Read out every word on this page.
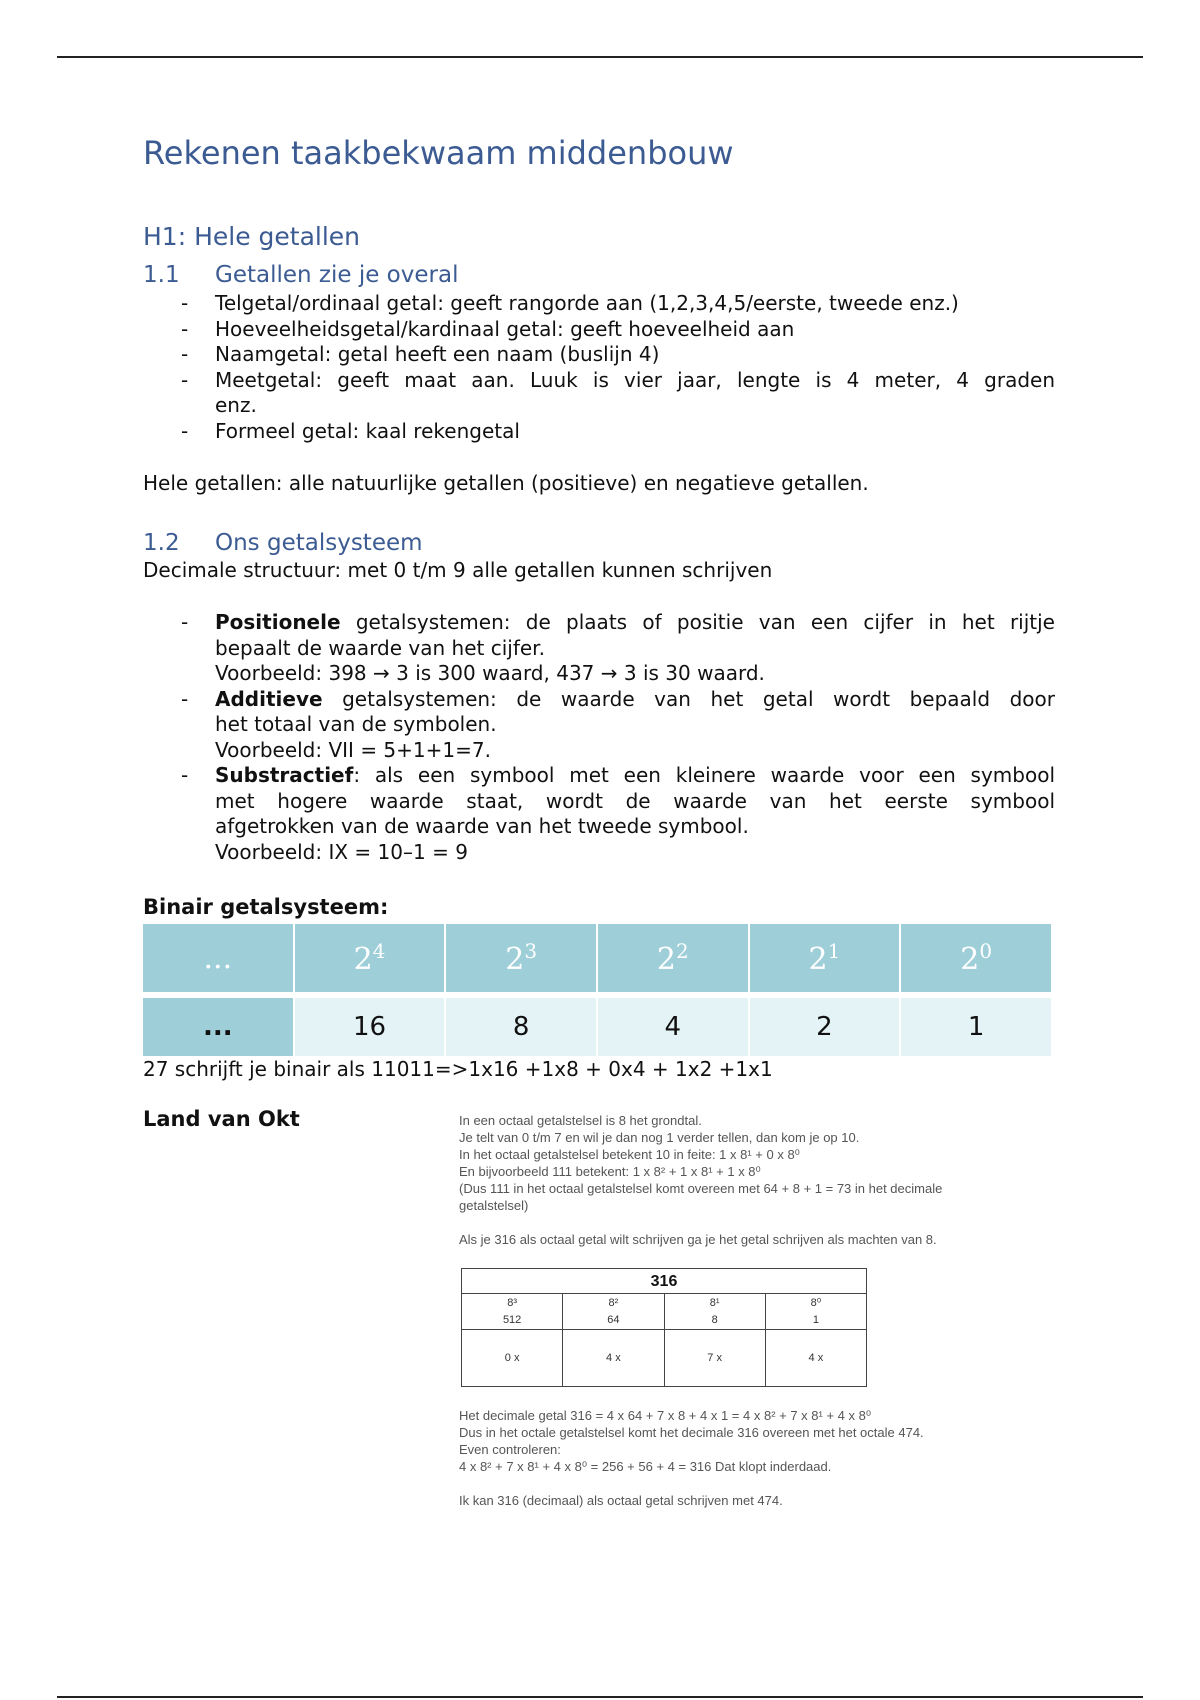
Rekenen taakbekwaam middenbouw
H1: Hele getallen
1.1 Getallen zie je overal
- Telgetal/ordinaal getal: geeft rangorde aan (1,2,3,4,5/eerste, tweede enz.)
- Hoeveelheidsgetal/kardinaal getal: geeft hoeveelheid aan
- Naamgetal: getal heeft een naam (buslijn 4)
- Meetgetal: geeft maat aan. Luuk is vier jaar, lengte is 4 meter, 4 graden
enz.
- Formeel getal: kaal rekengetal

Hele getallen: alle natuurlijke getallen (positieve) en negatieve getallen.

1.2 Ons getalsysteem

Decimale structuur: met 0 t/m 9 alle getallen kunnen schrijven

- Positionele getalsystemen: de plaats of positie van een cijfer in het rijtje
bepaalt de waarde van het cijfer.
Voorbeeld: 398 → 3 is 300 waard, 437 → 3 is 30 waard.
- Additieve getalsystemen: de waarde van het getal wordt bepaald door
het totaal van de symbolen.
Voorbeeld: VII = 5+1+1=7.
- Substractief: als een symbool met een kleinere waarde voor een symbool
met hogere waarde staat, wordt de waarde van het eerste symbool
afgetrokken van de waarde van het tweede symbool.
Voorbeeld: IX = 10–1 = 9

Binair getalsysteem:

...	$2^4$	$2^3$	$2^2$	$2^1$	$2^0$

...	16	8	4	2	1

27 schrijft je binair als 11011=>1x16 +1x8 + 0x4 + 1x2 +1x1

Land van Okt	In een octaal getalstelsel is 8 het grondtal.

Je telt van 0 t/m 7 en wil je dan nog 1 verder tellen, dan kom je op 10.

In het octaal getalstelsel betekent 10 in feite: 1 x 8¹ + 0 x 8⁰

En bijvoorbeeld 111 betekent: 1 x 8² + 1 x 8¹ + 1 x 8⁰

(Dus 111 in het octaal getalstelsel komt overeen met 64 + 8 + 1 = 73 in het decimale

getalstelsel)

Als je 316 als octaal getal wilt schrijven ga je het getal schrijven als machten van 8.

316			
8³	8²	8¹	8⁰
512	64	8	1
0 x	4 x	7 x	4 x

Het decimale getal 316 = 4 x 64 + 7 x 8 + 4 x 1 = 4 x 8² + 7 x 8¹ + 4 x 8⁰

Dus in het octale getalstelsel komt het decimale 316 overeen met het octale 474.

Even controleren:

4 x 8² + 7 x 8¹ + 4 x 8⁰ = 256 + 56 + 4 = 316 Dat klopt inderdaad.

Ik kan 316 (decimaal) als octaal getal schrijven met 474.
